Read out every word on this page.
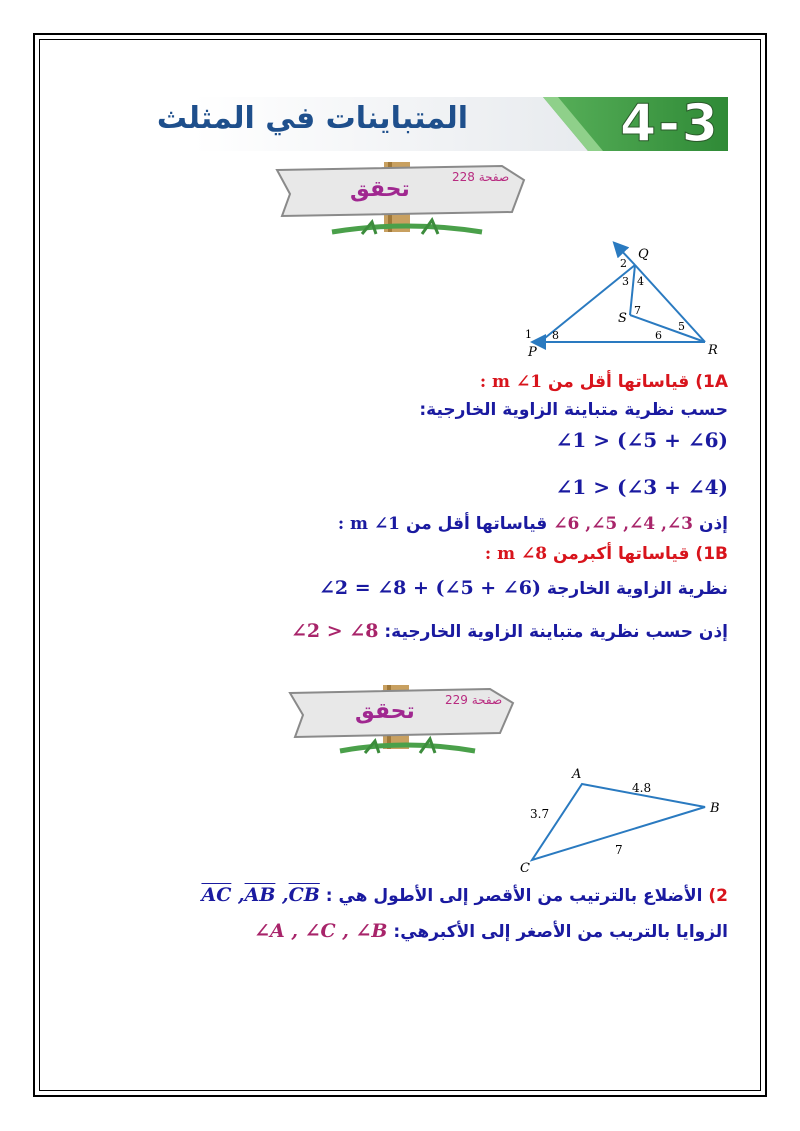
المتباينات في المثلث	4-3
تحقق	صفحة 228
Q
S
P	R
1
2
3 4
5
6
7
8
1A) قياساتها أقل من m ∠1 :
حسب نظرية متباينة الزاوية الخارجية:
∠1 > (∠5 + ∠6)
∠1 > (∠3 + ∠4)
إذن ∠6 ,∠5 ,∠4 ,∠3 قياساتها أقل من m ∠1 :
1B) قياساتها أكبرمن m ∠8 :
نظرية الزاوية الخارجة ∠2 = ∠8 + (∠5 + ∠6)
إذن حسب نظرية متباينة الزاوية الخارجية: ∠2 > ∠8
تحقق	صفحة 229
A
B
C
4.8
3.7
7
2) الأضلاع بالترتيب من الأقصر إلى الأطول هي : $\overline{AC}$ $,\overline{AB}$ $,\overline{CB}$
الزوايا بالتريب من الأصغر إلى الأكبرهي: ∠A , ∠C , ∠B
